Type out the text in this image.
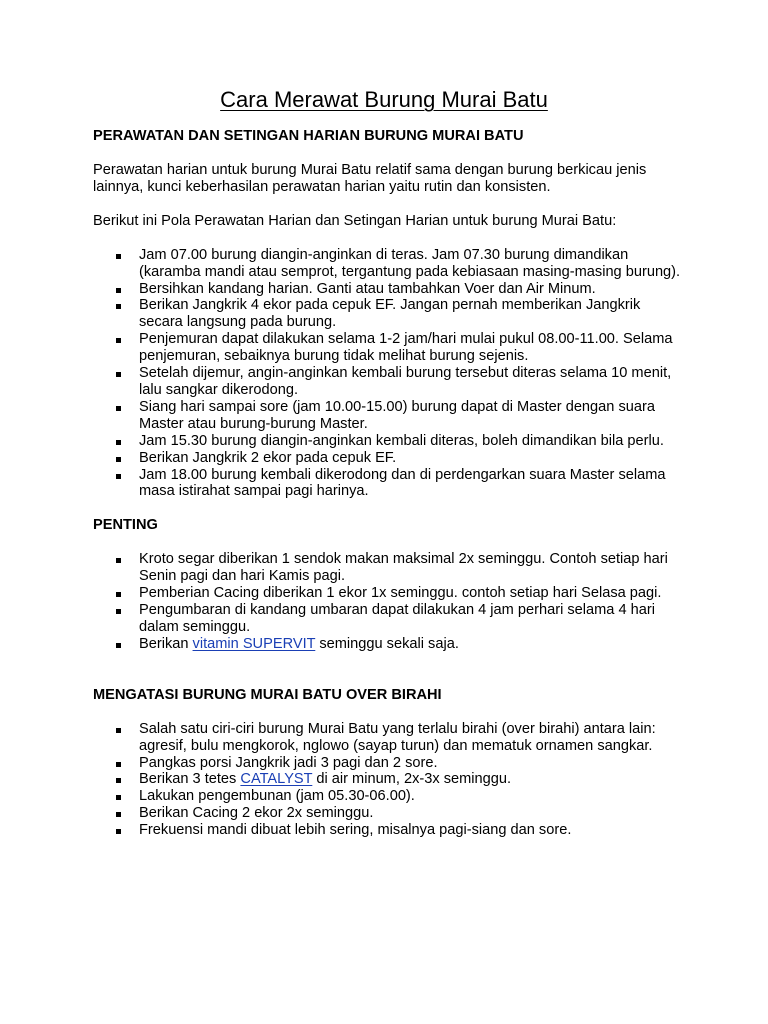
Cara Merawat Burung Murai Batu

PERAWATAN DAN SETINGAN HARIAN BURUNG MURAI BATU

Perawatan harian untuk burung Murai Batu relatif sama dengan burung berkicau jenis lainnya, kunci keberhasilan perawatan harian yaitu rutin dan konsisten.

Berikut ini Pola Perawatan Harian dan Setingan Harian untuk burung Murai Batu:

Jam 07.00 burung diangin-anginkan di teras. Jam 07.30 burung dimandikan (karamba mandi atau semprot, tergantung pada kebiasaan masing-masing burung).
Bersihkan kandang harian. Ganti atau tambahkan Voer dan Air Minum.
Berikan Jangkrik 4 ekor pada cepuk EF. Jangan pernah memberikan Jangkrik secara langsung pada burung.
Penjemuran dapat dilakukan selama 1-2 jam/hari mulai pukul 08.00-11.00. Selama penjemuran, sebaiknya burung tidak melihat burung sejenis.
Setelah dijemur, angin-anginkan kembali burung tersebut diteras selama 10 menit, lalu sangkar dikerodong.
Siang hari sampai sore (jam 10.00-15.00) burung dapat di Master dengan suara Master atau burung-burung Master.
Jam 15.30 burung diangin-anginkan kembali diteras, boleh dimandikan bila perlu.
Berikan Jangkrik 2 ekor pada cepuk EF.
Jam 18.00 burung kembali dikerodong dan di perdengarkan suara Master selama masa istirahat sampai pagi harinya.

PENTING

Kroto segar diberikan 1 sendok makan maksimal 2x seminggu. Contoh setiap hari Senin pagi dan hari Kamis pagi.
Pemberian Cacing diberikan 1 ekor 1x seminggu. contoh setiap hari Selasa pagi.
Pengumbaran di kandang umbaran dapat dilakukan 4 jam perhari selama 4 hari dalam seminggu.
Berikan vitamin SUPERVIT seminggu sekali saja.

MENGATASI BURUNG MURAI BATU OVER BIRAHI

Salah satu ciri-ciri burung Murai Batu yang terlalu birahi (over birahi) antara lain: agresif, bulu mengkorok, nglowo (sayap turun) dan mematuk ornamen sangkar.
Pangkas porsi Jangkrik jadi 3 pagi dan 2 sore.
Berikan 3 tetes CATALYST di air minum, 2x-3x seminggu.
Lakukan pengembunan (jam 05.30-06.00).
Berikan Cacing 2 ekor 2x seminggu.
Frekuensi mandi dibuat lebih sering, misalnya pagi-siang dan sore.
